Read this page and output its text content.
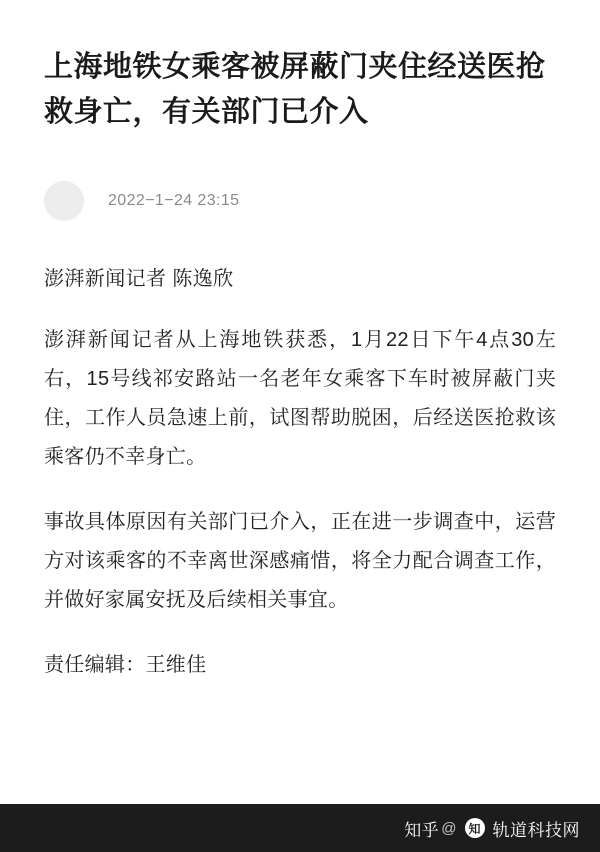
上海地铁女乘客被屏蔽门夹住经送医抢救身亡，有关部门已介入
2022−1−24 23:15
澎湃新闻记者 陈逸欣

澎湃新闻记者从上海地铁获悉，1月22日下午4点30左右，15号线祁安路站一名老年女乘客下车时被屏蔽门夹住，工作人员急速上前，试图帮助脱困，后经送医抢救该乘客仍不幸身亡。

事故具体原因有关部门已介入，正在进一步调查中，运营方对该乘客的不幸离世深感痛惜，将全力配合调查工作，并做好家属安抚及后续相关事宜。

责任编辑：王维佳
知乎 @ 知 轨道科技网
